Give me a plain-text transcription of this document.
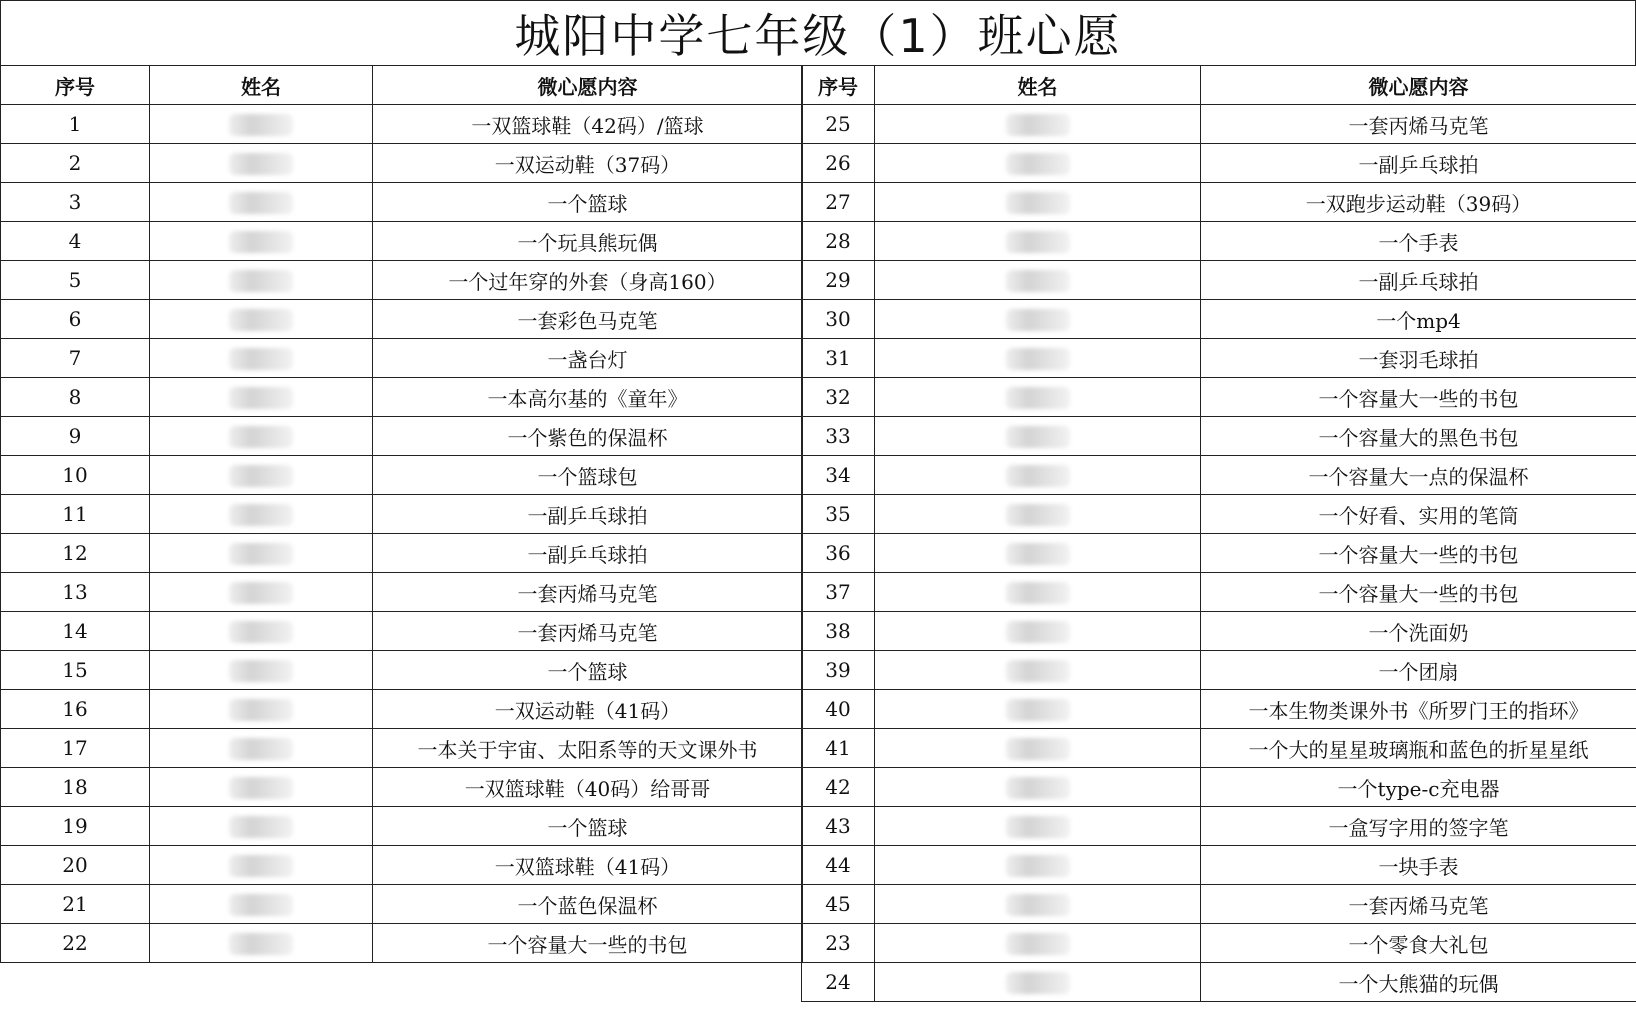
城阳中学七年级（1）班心愿
序号	姓名	微心愿内容
1		一双篮球鞋（42码）/篮球
2		一双运动鞋（37码）
3		一个篮球
4		一个玩具熊玩偶
5		一个过年穿的外套（身高160）
6		一套彩色马克笔
7		一盏台灯
8		一本高尔基的《童年》
9		一个紫色的保温杯
10		一个篮球包
11		一副乒乓球拍
12		一副乒乓球拍
13		一套丙烯马克笔
14		一套丙烯马克笔
15		一个篮球
16		一双运动鞋（41码）
17		一本关于宇宙、太阳系等的天文课外书
18		一双篮球鞋（40码）给哥哥
19		一个篮球
20		一双篮球鞋（41码）
21		一个蓝色保温杯
22		一个容量大一些的书包

序号	姓名	微心愿内容
25		一套丙烯马克笔
26		一副乒乓球拍
27		一双跑步运动鞋（39码）
28		一个手表
29		一副乒乓球拍
30		一个mp4
31		一套羽毛球拍
32		一个容量大一些的书包
33		一个容量大的黑色书包
34		一个容量大一点的保温杯
35		一个好看、实用的笔筒
36		一个容量大一些的书包
37		一个容量大一些的书包
38		一个洗面奶
39		一个团扇
40		一本生物类课外书《所罗门王的指环》
41		一个大的星星玻璃瓶和蓝色的折星星纸
42		一个type-c充电器
43		一盒写字用的签字笔
44		一块手表
45		一套丙烯马克笔
23		一个零食大礼包
24		一个大熊猫的玩偶
